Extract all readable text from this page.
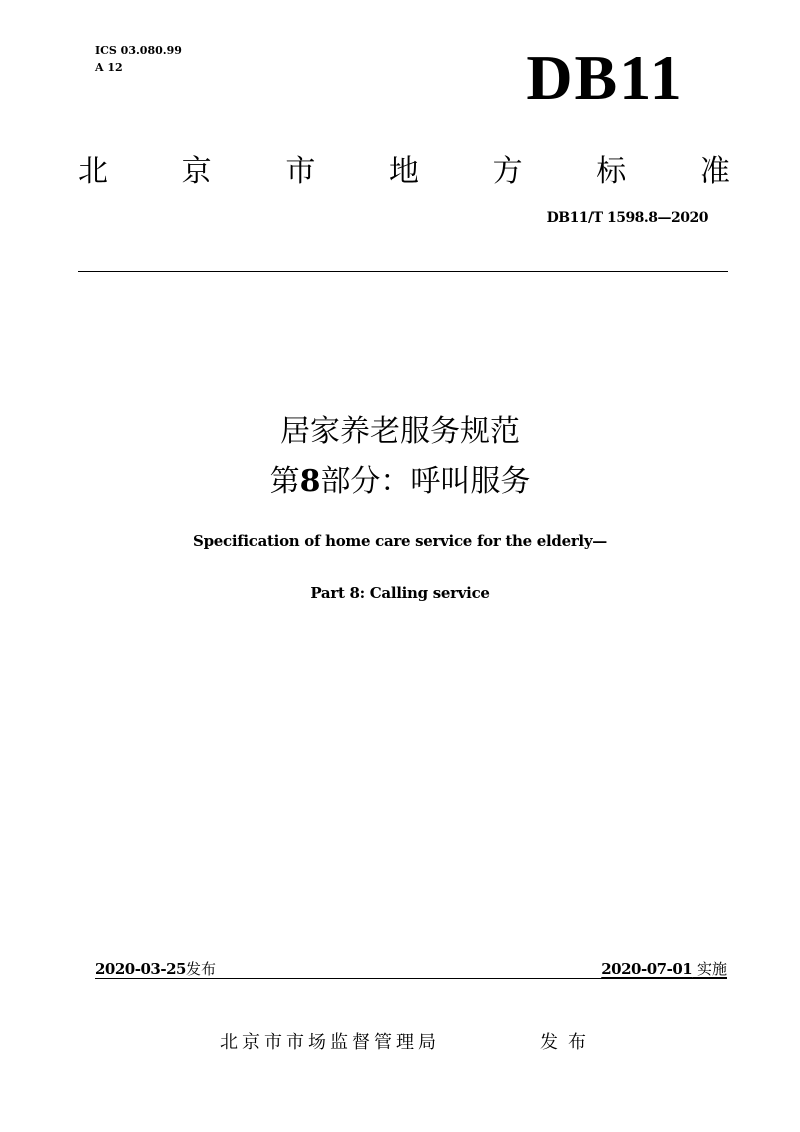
ICS 03.080.99
A 12	DB11
北 京 市 地 方 标 准
DB11/T 1598.8—2020
居家养老服务规范
第8部分：呼叫服务
Specification of home care service for the elderly—
Part 8: Calling service
2020-03-25发布	2020-07-01 实施
北京市市场监督管理局	发布
